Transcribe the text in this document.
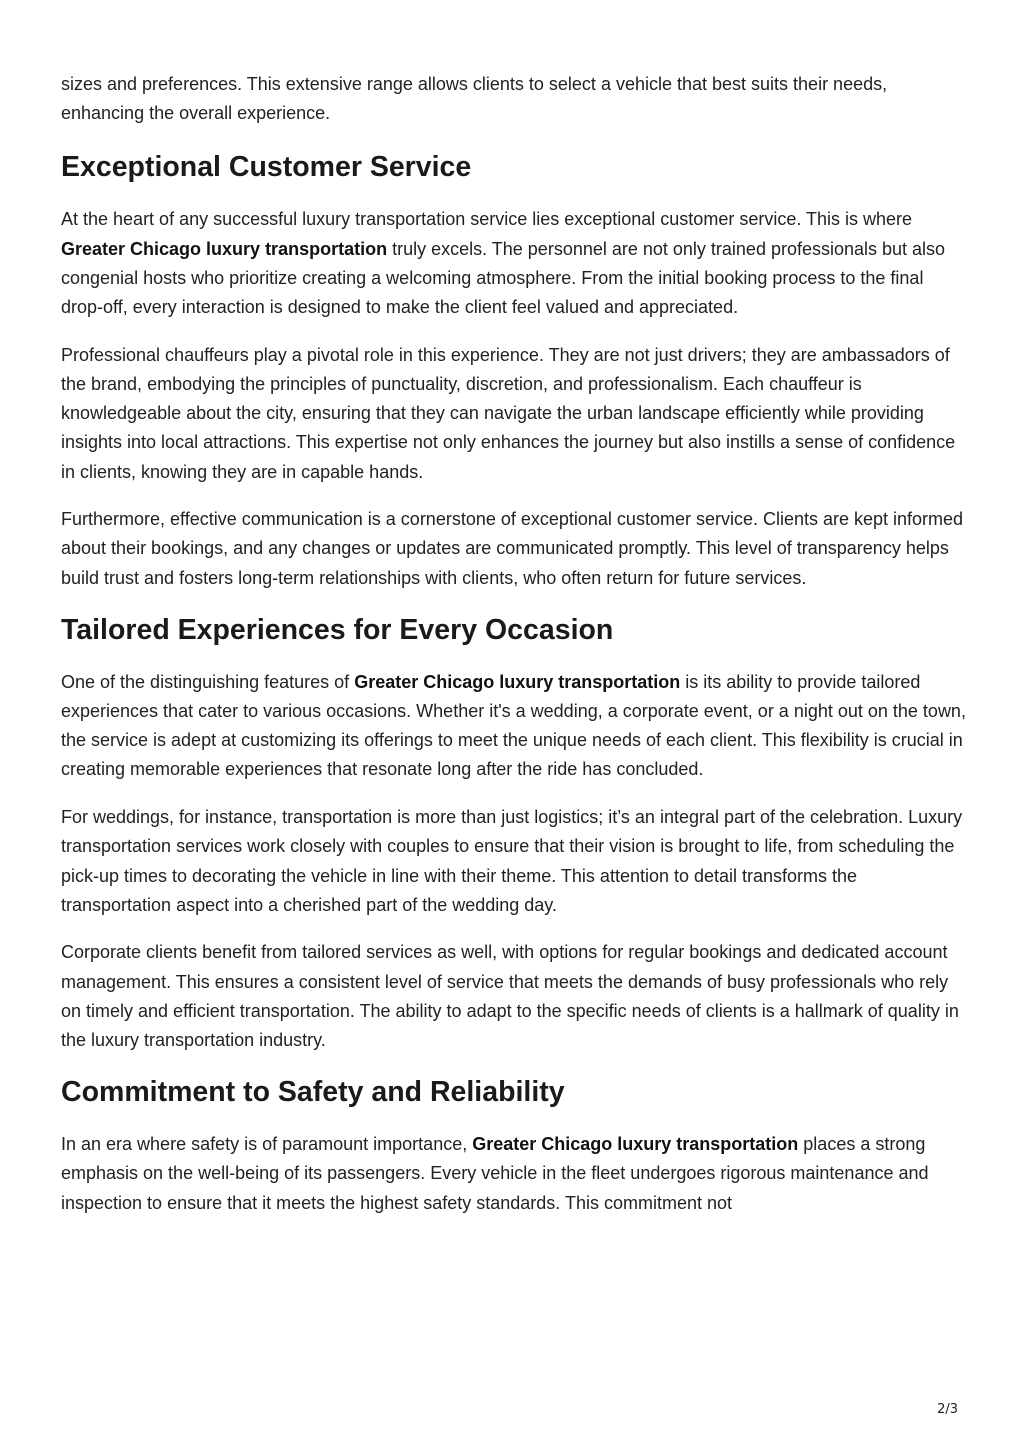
sizes and preferences. This extensive range allows clients to select a vehicle that best suits their needs, enhancing the overall experience.

Exceptional Customer Service

At the heart of any successful luxury transportation service lies exceptional customer service. This is where Greater Chicago luxury transportation truly excels. The personnel are not only trained professionals but also congenial hosts who prioritize creating a welcoming atmosphere. From the initial booking process to the final drop-off, every interaction is designed to make the client feel valued and appreciated.

Professional chauffeurs play a pivotal role in this experience. They are not just drivers; they are ambassadors of the brand, embodying the principles of punctuality, discretion, and professionalism. Each chauffeur is knowledgeable about the city, ensuring that they can navigate the urban landscape efficiently while providing insights into local attractions. This expertise not only enhances the journey but also instills a sense of confidence in clients, knowing they are in capable hands.

Furthermore, effective communication is a cornerstone of exceptional customer service. Clients are kept informed about their bookings, and any changes or updates are communicated promptly. This level of transparency helps build trust and fosters long-term relationships with clients, who often return for future services.

Tailored Experiences for Every Occasion

One of the distinguishing features of Greater Chicago luxury transportation is its ability to provide tailored experiences that cater to various occasions. Whether it's a wedding, a corporate event, or a night out on the town, the service is adept at customizing its offerings to meet the unique needs of each client. This flexibility is crucial in creating memorable experiences that resonate long after the ride has concluded.

For weddings, for instance, transportation is more than just logistics; it’s an integral part of the celebration. Luxury transportation services work closely with couples to ensure that their vision is brought to life, from scheduling the pick-up times to decorating the vehicle in line with their theme. This attention to detail transforms the transportation aspect into a cherished part of the wedding day.

Corporate clients benefit from tailored services as well, with options for regular bookings and dedicated account management. This ensures a consistent level of service that meets the demands of busy professionals who rely on timely and efficient transportation. The ability to adapt to the specific needs of clients is a hallmark of quality in the luxury transportation industry.

Commitment to Safety and Reliability

In an era where safety is of paramount importance, Greater Chicago luxury transportation places a strong emphasis on the well-being of its passengers. Every vehicle in the fleet undergoes rigorous maintenance and inspection to ensure that it meets the highest safety standards. This commitment not

2/3
